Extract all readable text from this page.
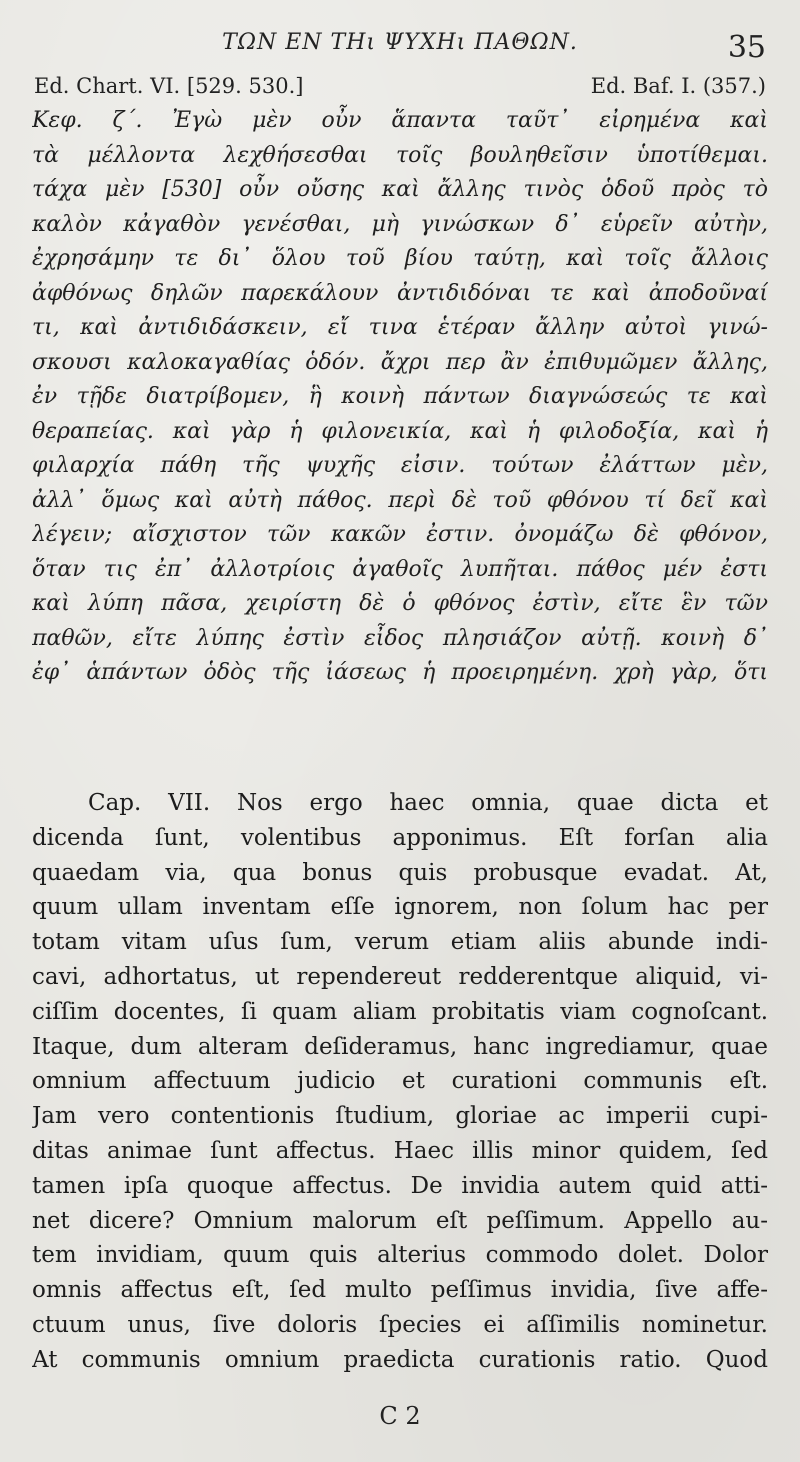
ΤΩΝ ΕΝ ΤΗι ΨΥΧΗι ΠΑΘΩΝ.	35
Ed. Chart. VI. [529. 530.]	Ed. Baf. I. (357.)
Κεφ. ζ΄. Ἐγὼ μὲν οὖν ἅπαντα ταῦτ᾽ εἰρημένα καὶ
τὰ μέλλοντα λεχθήσεσθαι τοῖς βουληθεῖσιν ὑποτίθεμαι.
τάχα μὲν [530] οὖν οὔσης καὶ ἄλλης τινὸς ὁδοῦ πρὸς τὸ
καλὸν κἀγαθὸν γενέσθαι, μὴ γινώσκων δ᾽ εὑρεῖν αὐτὴν,
ἐχρησάμην τε δι᾽ ὅλου τοῦ βίου ταύτῃ, καὶ τοῖς ἄλλοις
ἀφθόνως δηλῶν παρεκάλουν ἀντιδιδόναι τε καὶ ἀποδοῦναί
τι, καὶ ἀντιδιδάσκειν, εἴ τινα ἑτέραν ἄλλην αὐτοὶ γινώ-
σκουσι καλοκαγαθίας ὁδόν. ἄχρι περ ἂν ἐπιθυμῶμεν ἄλλης,
ἐν τῇδε διατρίβομεν, ἣ κοινὴ πάντων διαγνώσεώς τε καὶ
θεραπείας. καὶ γὰρ ἡ φιλονεικία, καὶ ἡ φιλοδοξία, καὶ ἡ
φιλαρχία πάθη τῆς ψυχῆς εἰσιν. τούτων ἐλάττων μὲν,
ἀλλ᾽ ὅμως καὶ αὐτὴ πάθος. περὶ δὲ τοῦ φθόνου τί δεῖ καὶ
λέγειν; αἴσχιστον τῶν κακῶν ἐστιν. ὀνομάζω δὲ φθόνον,
ὅταν τις ἐπ᾽ ἀλλοτρίοις ἀγαθοῖς λυπῆται. πάθος μέν ἐστι
καὶ λύπη πᾶσα, χειρίστη δὲ ὁ φθόνος ἐστὶν, εἴτε ἓν τῶν
παθῶν, εἴτε λύπης ἐστὶν εἶδος πλησιάζον αὐτῇ. κοινὴ δ᾽
ἐφ᾽ ἁπάντων ὁδὸς τῆς ἰάσεως ἡ προειρημένη. χρὴ γὰρ, ὅτι
Cap. VII. Nos ergo haec omnia, quae dicta et
dicenda ſunt, volentibus apponimus. Eſt forſan alia
quaedam via, qua bonus quis probusque evadat. At,
quum ullam inventam eſſe ignorem, non ſolum hac per
totam vitam uſus ſum, verum etiam aliis abunde indi-
cavi, adhortatus, ut rependereut redderentque aliquid, vi-
ciſſim docentes, ſi quam aliam probitatis viam cognoſcant.
Itaque, dum alteram deſideramus, hanc ingrediamur, quae
omnium affectuum judicio et curationi communis eſt.
Jam vero contentionis ſtudium, gloriae ac imperii cupi-
ditas animae ſunt affectus. Haec illis minor quidem, ſed
tamen ipſa quoque affectus. De invidia autem quid atti-
net dicere? Omnium malorum eſt peſſimum. Appello au-
tem invidiam, quum quis alterius commodo dolet. Dolor
omnis affectus eſt, ſed multo peſſimus invidia, ſive affe-
ctuum unus, ſive doloris ſpecies ei aſſimilis nominetur.
At communis omnium praedicta curationis ratio. Quod
C 2
